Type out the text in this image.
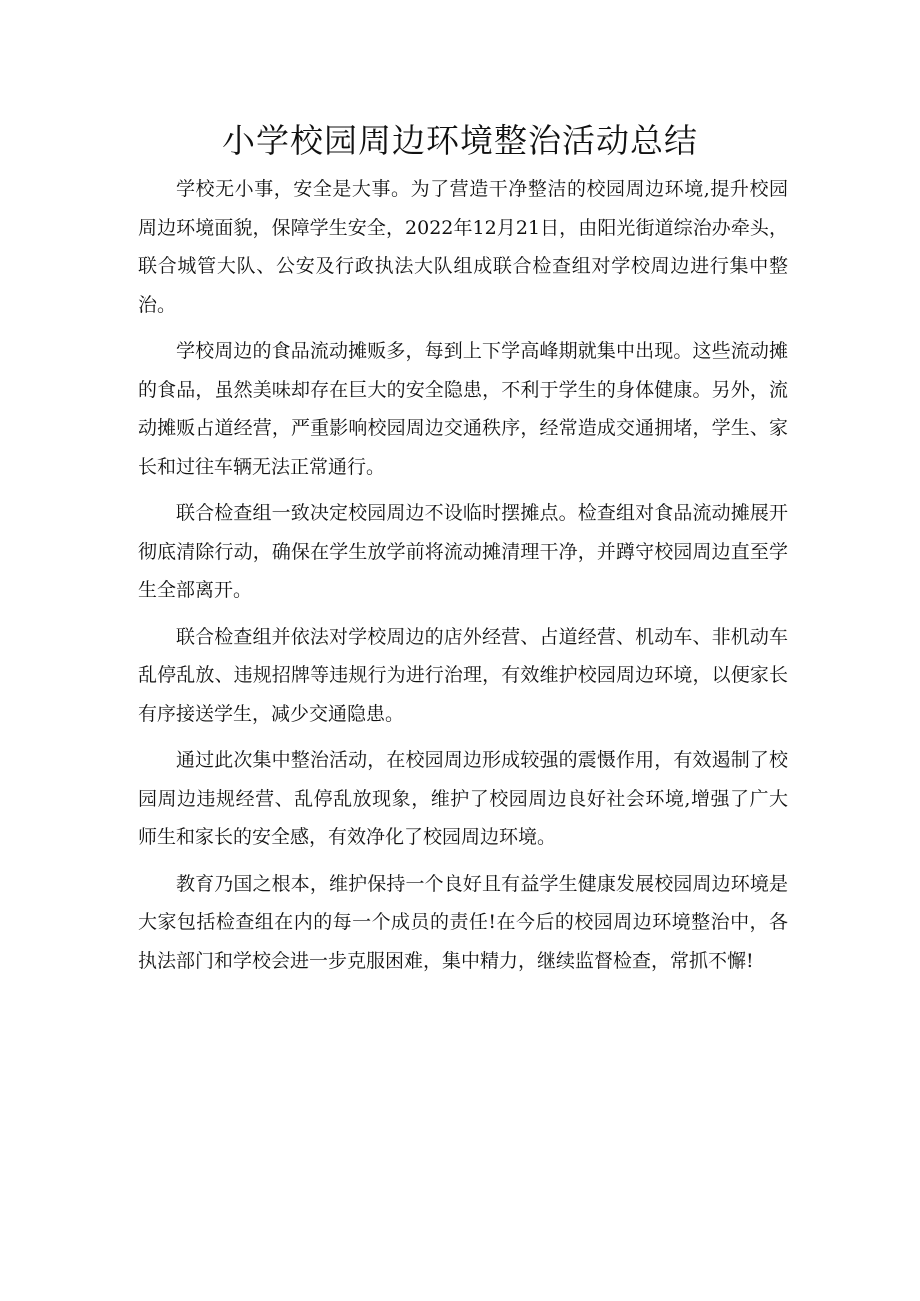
小学校园周边环境整治活动总结

学校无小事，安全是大事。为了营造干净整洁的校园周边环境,提升校园周边环境面貌，保障学生安全，2022年12月21日，由阳光街道综治办牵头，联合城管大队、公安及行政执法大队组成联合检查组对学校周边进行集中整治。

学校周边的食品流动摊贩多，每到上下学高峰期就集中出现。这些流动摊的食品，虽然美味却存在巨大的安全隐患，不利于学生的身体健康。另外，流动摊贩占道经营，严重影响校园周边交通秩序，经常造成交通拥堵，学生、家长和过往车辆无法正常通行。

联合检查组一致决定校园周边不设临时摆摊点。检查组对食品流动摊展开彻底清除行动，确保在学生放学前将流动摊清理干净，并蹲守校园周边直至学生全部离开。

联合检查组并依法对学校周边的店外经营、占道经营、机动车、非机动车乱停乱放、违规招牌等违规行为进行治理，有效维护校园周边环境，以便家长有序接送学生，减少交通隐患。

通过此次集中整治活动，在校园周边形成较强的震慑作用，有效遏制了校园周边违规经营、乱停乱放现象，维护了校园周边良好社会环境,增强了广大师生和家长的安全感，有效净化了校园周边环境。

教育乃国之根本，维护保持一个良好且有益学生健康发展校园周边环境是大家包括检查组在内的每一个成员的责任!在今后的校园周边环境整治中，各执法部门和学校会进一步克服困难，集中精力，继续监督检查，常抓不懈!
